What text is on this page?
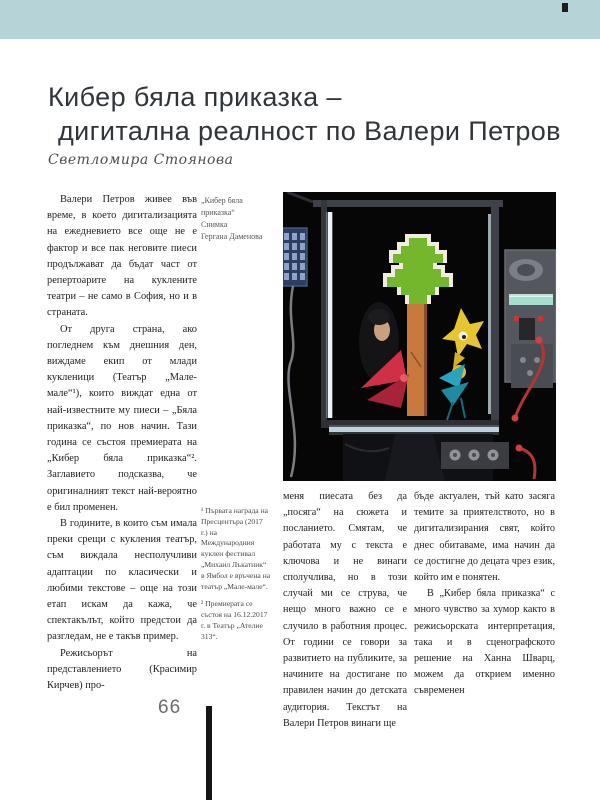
Кибер бяла приказка –
дигитална реалност по Валери Петров
Светломира Стоянова

Валери Петров живее във време, в което дигитализацията на ежедневието все още не е фактор и все пак неговите пиеси продължават да бъдат част от репертоарите на куклените театри – не само в София, но и в страната.

От друга страна, ако погледнем към днешния ден, виждаме екип от млади кукленици (Театър „Мале-мале“¹), които виждат една от най-известните му пиеси – „Бяла приказка“, по нов начин. Тази година се състоя премиерата на „Кибер бяла приказка“². Заглавието подсказва, че оригиналният текст най-вероятно е бил променен.

В годините, в които съм имала преки срещи с кукления театър, съм виждала несполучливи адаптации по класически и любими текстове – още на този етап искам да кажа, че спектакълът, който предстои да разгледам, не е такъв пример.

Режисьорът на представлението (Красимир Кирчев) про-

„Кибер бяла
приказка“
Снимка
Гергана Даменова

¹ Първата награда на Пресцентъра (2017 г.) на Международния куклен фестивал „Михаил Лъкатник“ в Ямбол е връчена на театър „Мале-мале“.

² Премиерата се състоя на 16.12.2017 г. в Театър „Ателие 313“.

меня пиесата без да „посяга“ на сюжета и посланието. Смятам, че работата му с текста е ключова и не винаги сполучлива, но в този случай ми се струва, че нещо много важно се е случило в работния процес. От години се говори за развитието на публиките, за начините на достигане по правилен начин до детската аудитория. Текстът на Валери Петров винаги ще

бъде актуален, тъй като засяга темите за приятелството, но в дигитализирания свят, който днес обитаваме, има начин да се достигне до децата чрез език, който им е понятен.

В „Кибер бяла приказка“ с много чувство за хумор както в режисьорската интерпретация, така и в сценографското решение на Ханна Шварц, можем да открием именно съвременен

66
